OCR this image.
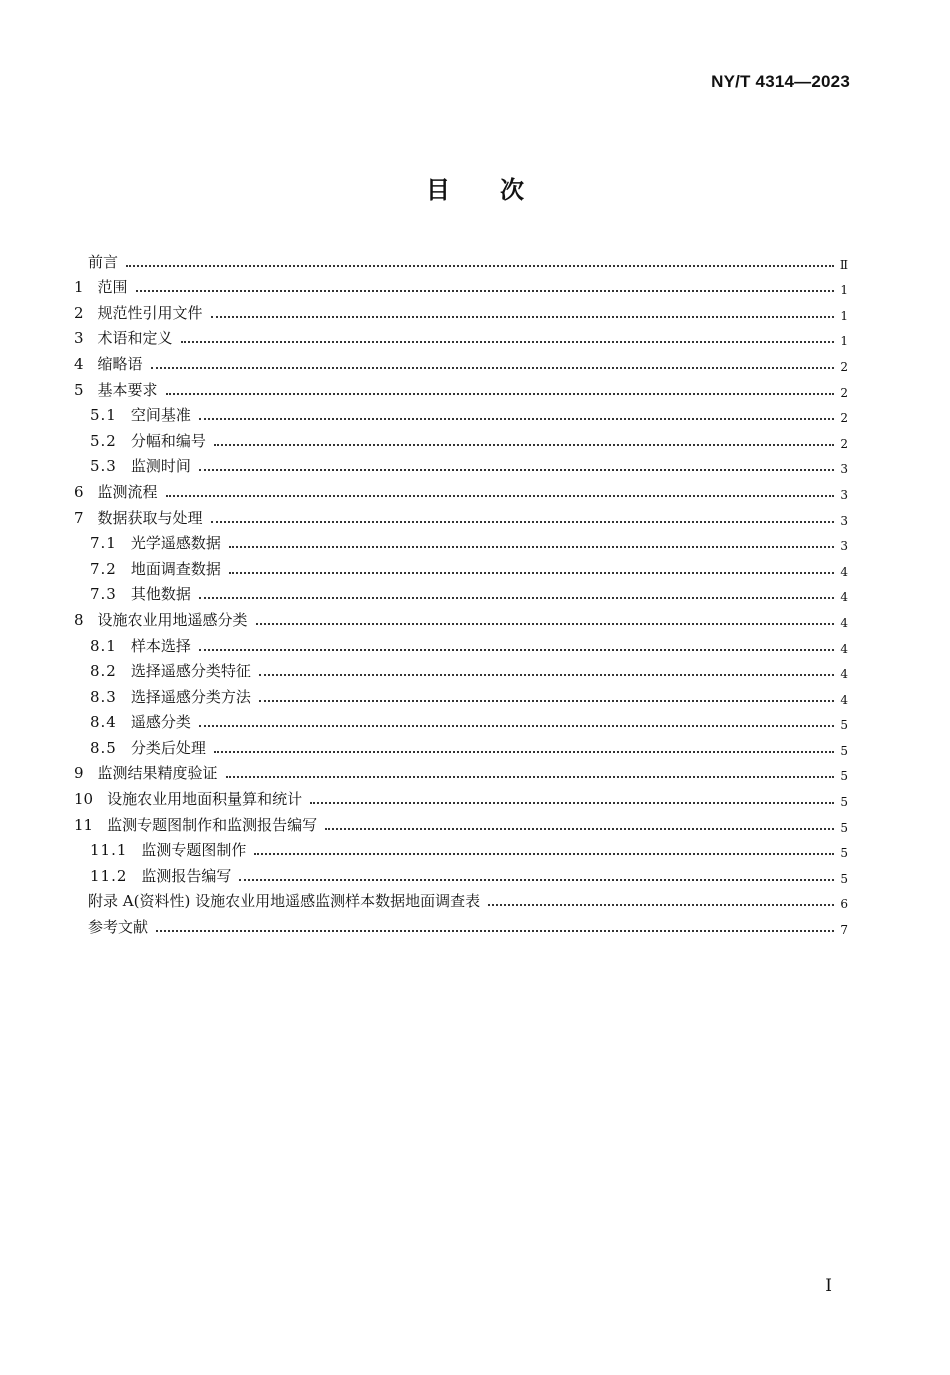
NY/T 4314—2023
目次
前言	Ⅱ
1 范围	1
2 规范性引用文件	1
3 术语和定义	1
4 缩略语	2
5 基本要求	2
5.1 空间基准	2
5.2 分幅和编号	2
5.3 监测时间	3
6 监测流程	3
7 数据获取与处理	3
7.1 光学遥感数据	3
7.2 地面调查数据	4
7.3 其他数据	4
8 设施农业用地遥感分类	4
8.1 样本选择	4
8.2 选择遥感分类特征	4
8.3 选择遥感分类方法	4
8.4 遥感分类	5
8.5 分类后处理	5
9 监测结果精度验证	5
10 设施农业用地面积量算和统计	5
11 监测专题图制作和监测报告编写	5
11.1 监测专题图制作	5
11.2 监测报告编写	5
附录 A(资料性) 设施农业用地遥感监测样本数据地面调查表	6
参考文献	7
I
